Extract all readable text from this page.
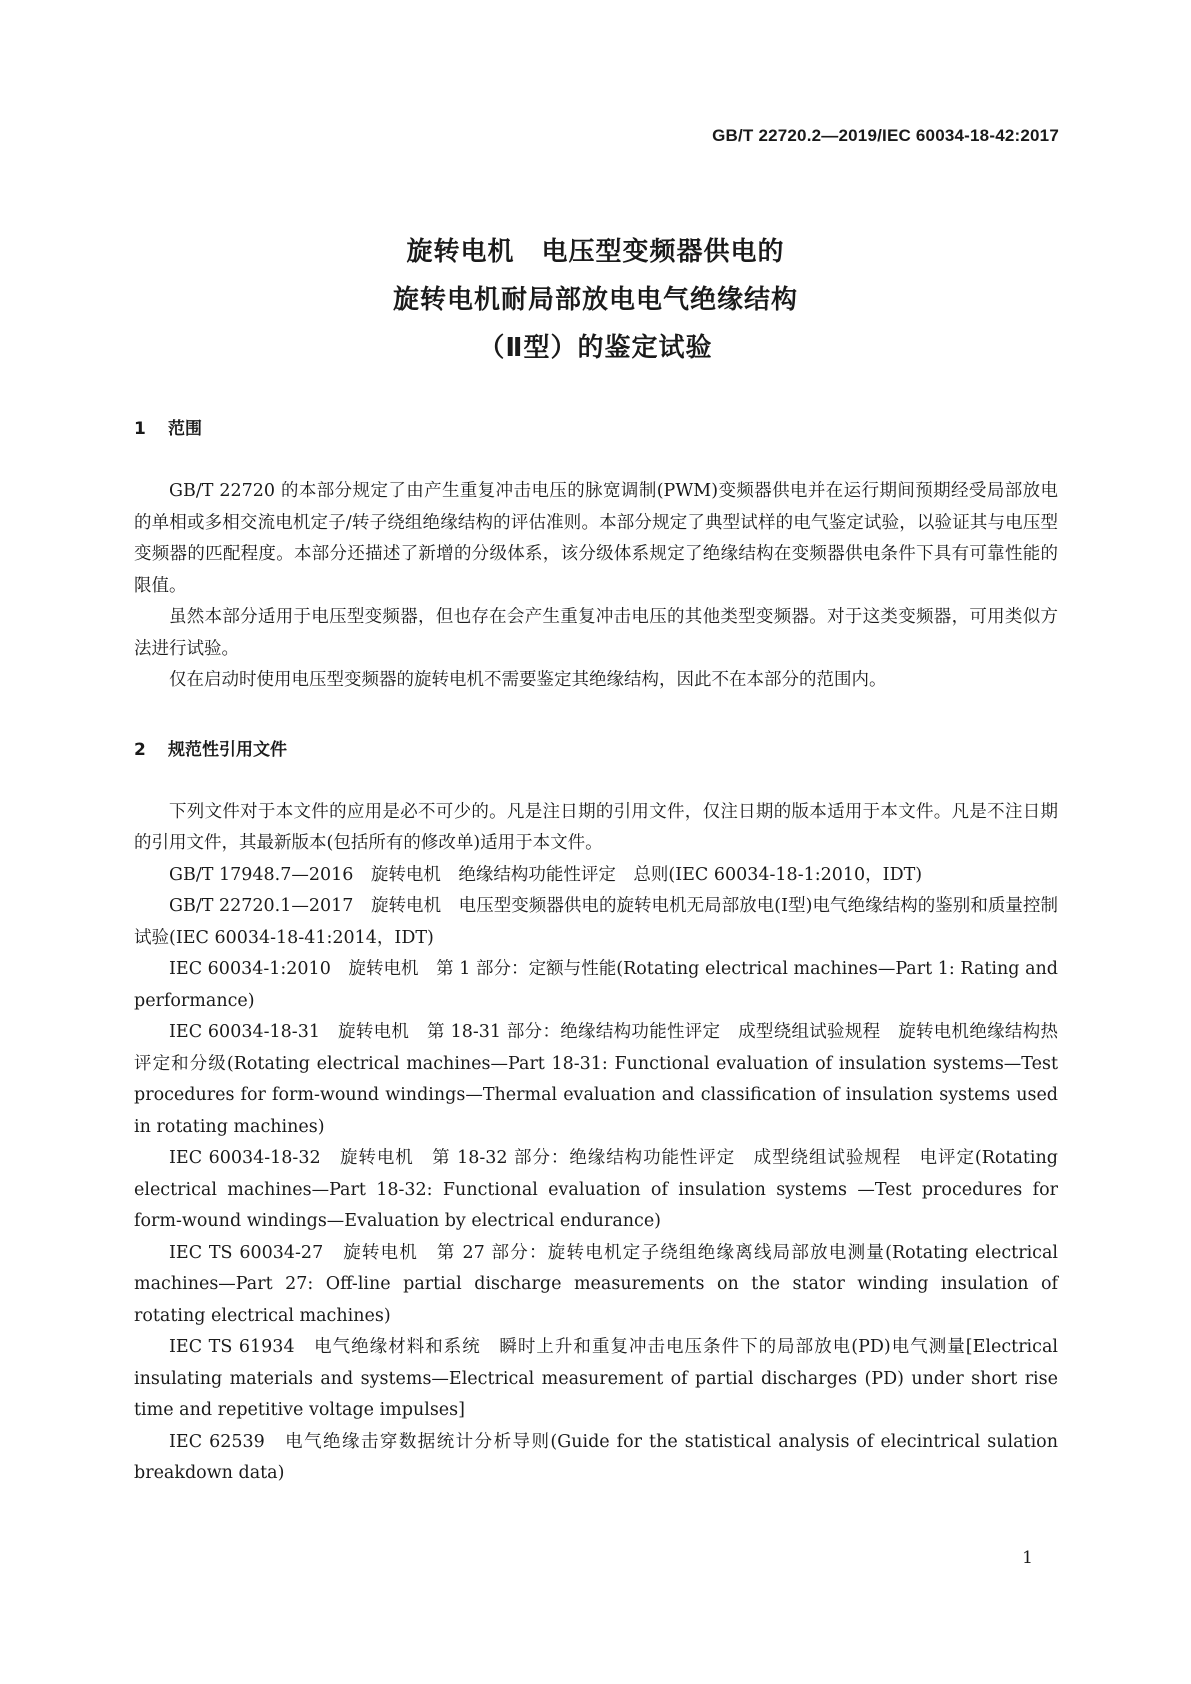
GB/T 22720.2—2019/IEC 60034-18-42:2017
旋转电机　电压型变频器供电的
旋转电机耐局部放电电气绝缘结构
（Ⅱ型）的鉴定试验
1 范围

GB/T 22720 的本部分规定了由产生重复冲击电压的脉宽调制(PWM)变频器供电并在运行期间预期经受局部放电的单相或多相交流电机定子/转子绕组绝缘结构的评估准则。本部分规定了典型试样的电气鉴定试验，以验证其与电压型变频器的匹配程度。本部分还描述了新增的分级体系，该分级体系规定了绝缘结构在变频器供电条件下具有可靠性能的限值。

虽然本部分适用于电压型变频器，但也存在会产生重复冲击电压的其他类型变频器。对于这类变频器，可用类似方法进行试验。

仅在启动时使用电压型变频器的旋转电机不需要鉴定其绝缘结构，因此不在本部分的范围内。

2 规范性引用文件

下列文件对于本文件的应用是必不可少的。凡是注日期的引用文件，仅注日期的版本适用于本文件。凡是不注日期的引用文件，其最新版本(包括所有的修改单)适用于本文件。

GB/T 17948.7—2016　旋转电机　绝缘结构功能性评定　总则(IEC 60034-18-1:2010，IDT)

GB/T 22720.1—2017　旋转电机　电压型变频器供电的旋转电机无局部放电(Ⅰ型)电气绝缘结构的鉴别和质量控制试验(IEC 60034-18-41:2014，IDT)

IEC 60034-1:2010　旋转电机　第 1 部分：定额与性能(Rotating electrical machines—Part 1: Rating and performance)

IEC 60034-18-31　旋转电机　第 18-31 部分：绝缘结构功能性评定　成型绕组试验规程　旋转电机绝缘结构热评定和分级(Rotating electrical machines—Part 18-31: Functional evaluation of insulation systems—Test procedures for form-wound windings—Thermal evaluation and classification of insulation systems used in rotating machines)

IEC 60034-18-32　旋转电机　第 18-32 部分：绝缘结构功能性评定　成型绕组试验规程　电评定(Rotating electrical machines—Part 18-32: Functional evaluation of insulation systems —Test procedures for form-wound windings—Evaluation by electrical endurance)

IEC TS 60034-27　旋转电机　第 27 部分：旋转电机定子绕组绝缘离线局部放电测量(Rotating electrical machines—Part 27: Off-line partial discharge measurements on the stator winding insulation of rotating electrical machines)

IEC TS 61934　电气绝缘材料和系统　瞬时上升和重复冲击电压条件下的局部放电(PD)电气测量[Electrical insulating materials and systems—Electrical measurement of partial discharges (PD) under short rise time and repetitive voltage impulses]

IEC 62539　电气绝缘击穿数据统计分析导则(Guide for the statistical analysis of elecintrical sulation breakdown data)

1
